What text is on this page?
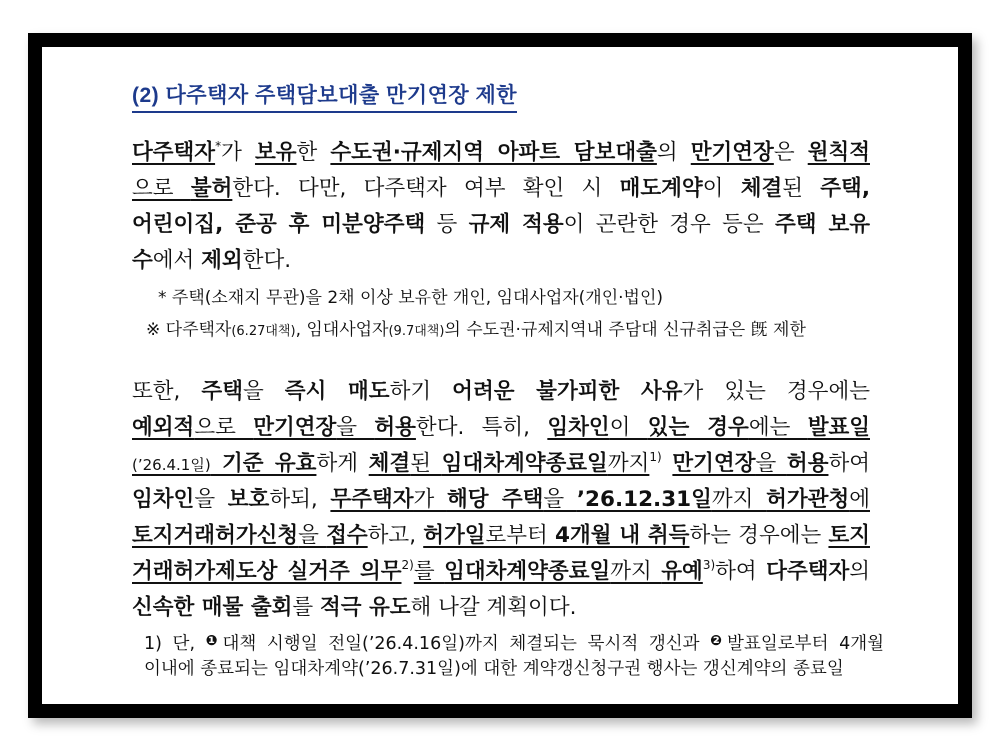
(2) 다주택자 주택담보대출 만기연장 제한
다주택자*가 보유한 수도권·규제지역 아파트 담보대출의 만기연장은 원칙적
으로 불허한다. 다만, 다주택자 여부 확인 시 매도계약이 체결된 주택,
어린이집, 준공 후 미분양주택 등 규제 적용이 곤란한 경우 등은 주택 보유
수에서 제외한다.
* 주택(소재지 무관)을 2채 이상 보유한 개인, 임대사업자(개인·법인)
※ 다주택자(6.27대책), 임대사업자(9.7대책)의 수도권·규제지역내 주담대 신규취급은 旣 제한
또한, 주택을 즉시 매도하기 어려운 불가피한 사유가 있는 경우에는
예외적으로 만기연장을 허용한다. 특히, 임차인이 있는 경우에는 발표일
(’26.4.1일) 기준 유효하게 체결된 임대차계약종료일까지$^{1)}$ 만기연장을 허용하여
임차인을 보호하되, 무주택자가 해당 주택을 ’26.12.31일까지 허가관청에
토지거래허가신청을 접수하고, 허가일로부터 4개월 내 취득하는 경우에는 토지
거래허가제도상 실거주 의무$^{2)}$를 임대차계약종료일까지 유예$^{3)}$하여 다주택자의
신속한 매물 출회를 적극 유도해 나갈 계획이다.
1) 단, $^❶$대책 시행일 전일(’26.4.16일)까지 체결되는 묵시적 갱신과 $^❷$발표일로부터 4개월
이내에 종료되는 임대차계약(’26.7.31일)에 대한 계약갱신청구권 행사는 갱신계약의 종료일
